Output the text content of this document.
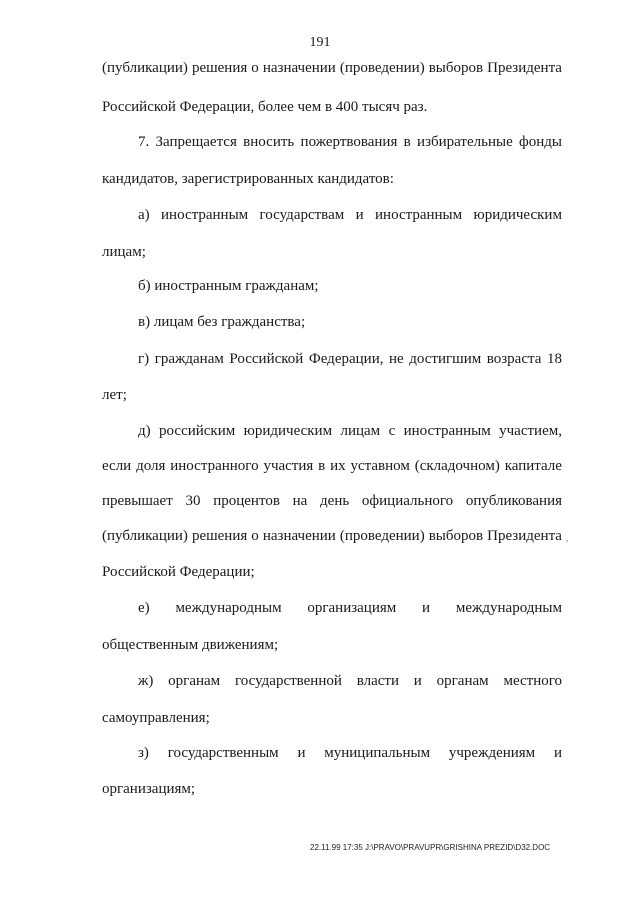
191
(публикации) решения о назначении (проведении) выборов Президента
Российской Федерации, более чем в 400 тысяч раз.
7. Запрещается вносить пожертвования в избирательные фонды
кандидатов, зарегистрированных кандидатов:
а) иностранным государствам и иностранным юридическим
лицам;
б) иностранным гражданам;
в) лицам без гражданства;
г) гражданам Российской Федерации, не достигшим возраста 18
лет;
д) российским юридическим лицам с иностранным участием,
если доля иностранного участия в их уставном (складочном) капитале
превышает 30 процентов на день официального опубликования
(публикации) решения о назначении (проведении) выборов Президента
Российской Федерации;
е) международным организациям и международным
общественным движениям;
ж) органам государственной власти и органам местного
самоуправления;
з) государственным и муниципальным учреждениям и
организациям;
22.11.99 17:35 J:\PRAVO\PRAVUPR\GRISHINA PREZID\D32.DOC
